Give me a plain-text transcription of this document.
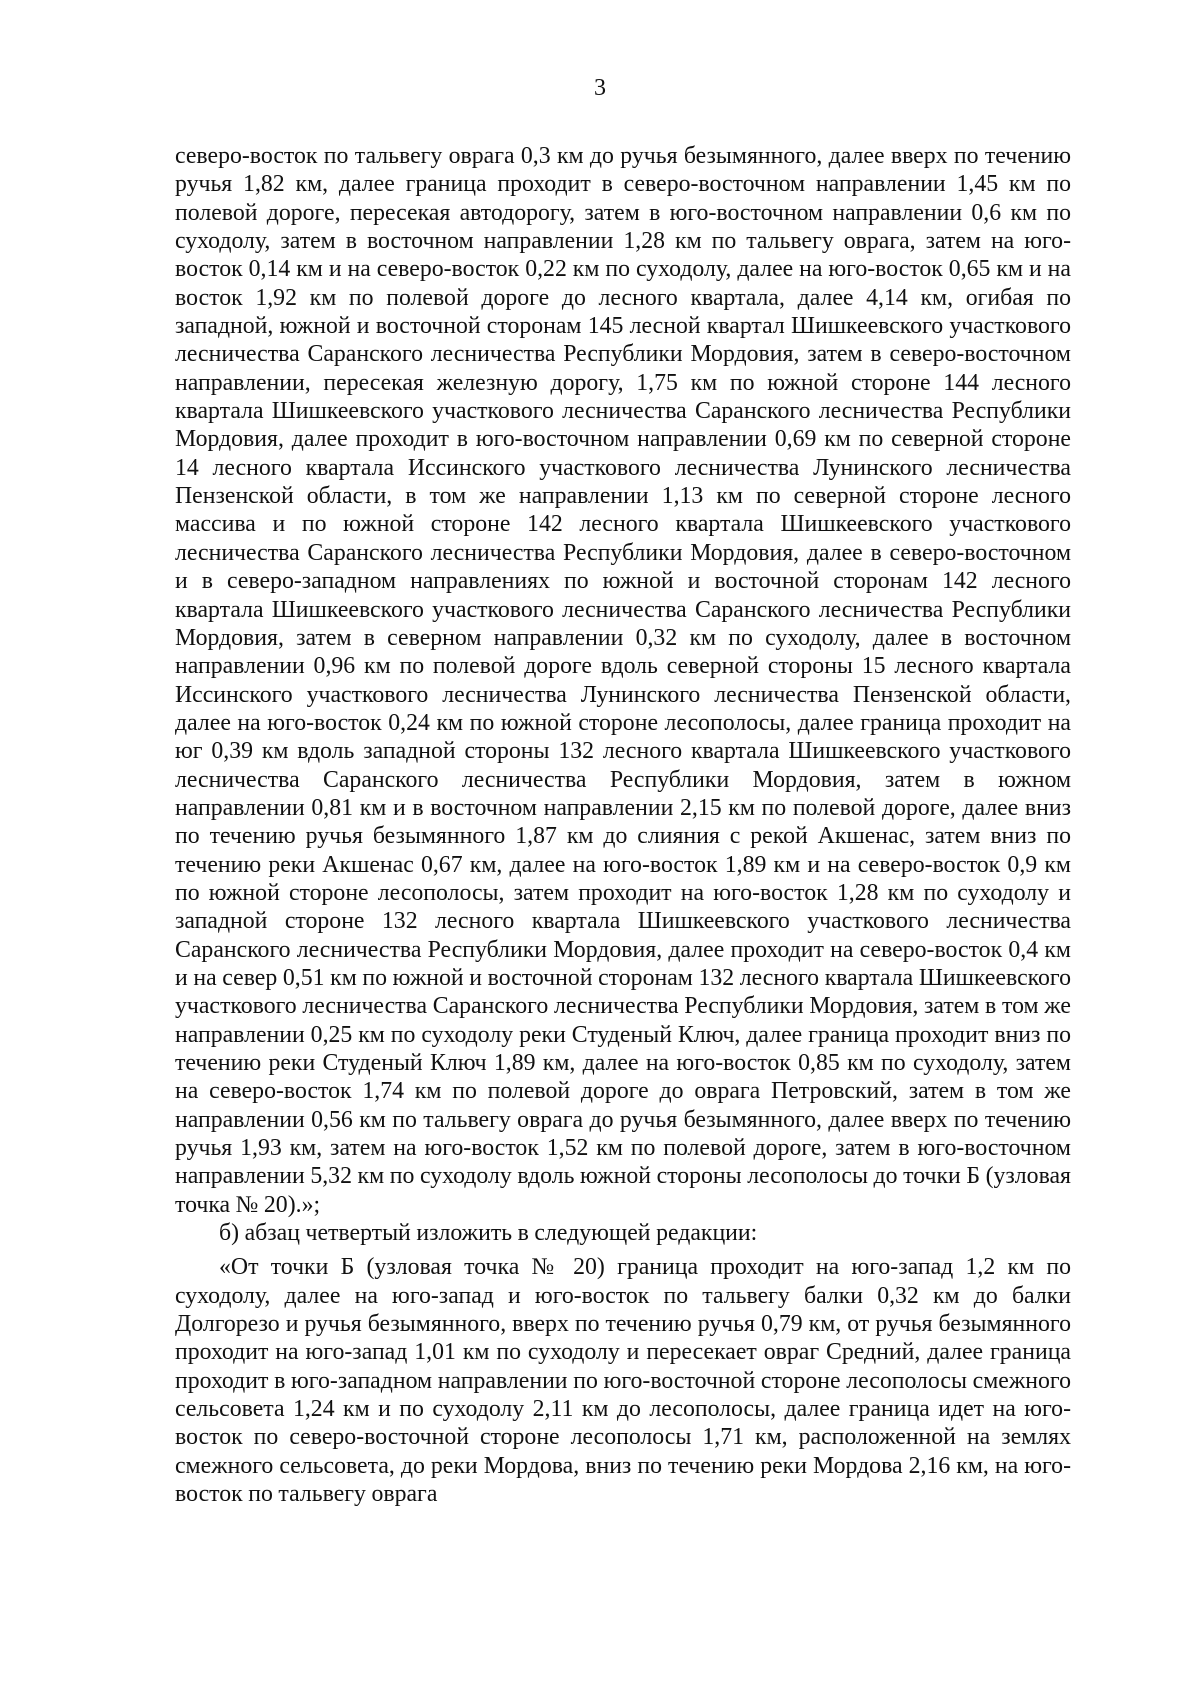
3

северо-восток по тальвегу оврага 0,3 км до ручья безымянного, далее вверх по течению ручья 1,82 км, далее граница проходит в северо-восточном направлении 1,45 км по полевой дороге, пересекая автодорогу, затем в юго-восточном направлении 0,6 км по суходолу, затем в восточном направлении 1,28 км по тальвегу оврага, затем на юго-восток 0,14 км и на северо-восток 0,22 км по суходолу, далее на юго-восток 0,65 км и на восток 1,92 км по полевой дороге до лесного квартала, далее 4,14 км, огибая по западной, южной и восточной сторонам 145 лесной квартал Шишкеевского участкового лесничества Саранского лесничества Республики Мордовия, затем в северо-восточном направлении, пересекая железную дорогу, 1,75 км по южной стороне 144 лесного квартала Шишкеевского участкового лесничества Саранского лесничества Республики Мордовия, далее проходит в юго-восточном направлении 0,69 км по северной стороне 14 лесного квартала Иссинского участкового лесничества Лунинского лесничества Пензенской области, в том же направлении 1,13 км по северной стороне лесного массива и по южной стороне 142 лесного квартала Шишкеевского участкового лесничества Саранского лесничества Республики Мордовия, далее в северо-восточном и в северо-западном направлениях по южной и восточной сторонам 142 лесного квартала Шишкеевского участкового лесничества Саранского лесничества Республики Мордовия, затем в северном направлении 0,32 км по суходолу, далее в восточном направлении 0,96 км по полевой дороге вдоль северной стороны 15 лесного квартала Иссинского участкового лесничества Лунинского лесничества Пензенской области, далее на юго-восток 0,24 км по южной стороне лесополосы, далее граница проходит на юг 0,39 км вдоль западной стороны 132 лесного квартала Шишкеевского участкового лесничества Саранского лесничества Республики Мордовия, затем в южном направлении 0,81 км и в восточном направлении 2,15 км по полевой дороге, далее вниз по течению ручья безымянного 1,87 км до слияния с рекой Акшенас, затем вниз по течению реки Акшенас 0,67 км, далее на юго-восток 1,89 км и на северо-восток 0,9 км по южной стороне лесополосы, затем проходит на юго-восток 1,28 км по суходолу и западной стороне 132 лесного квартала Шишкеевского участкового лесничества Саранского лесничества Республики Мордовия, далее проходит на северо-восток 0,4 км и на север 0,51 км по южной и восточной сторонам 132 лесного квартала Шишкеевского участкового лесничества Саранского лесничества Республики Мордовия, затем в том же направлении 0,25 км по суходолу реки Студеный Ключ, далее граница проходит вниз по течению реки Студеный Ключ 1,89 км, далее на юго-восток 0,85 км по суходолу, затем на северо-восток 1,74 км по полевой дороге до оврага Петровский, затем в том же направлении 0,56 км по тальвегу оврага до ручья безымянного, далее вверх по течению ручья 1,93 км, затем на юго-восток 1,52 км по полевой дороге, затем в юго-восточном направлении 5,32 км по суходолу вдоль южной стороны лесополосы до точки Б (узловая точка № 20).»;

б) абзац четвертый изложить в следующей редакции:

«От точки Б (узловая точка № 20) граница проходит на юго-запад 1,2 км по суходолу, далее на юго-запад и юго-восток по тальвегу балки 0,32 км до балки Долгорезо и ручья безымянного, вверх по течению ручья 0,79 км, от ручья безымянного проходит на юго-запад 1,01 км по суходолу и пересекает овраг Средний, далее граница проходит в юго-западном направлении по юго-восточной стороне лесополосы смежного сельсовета 1,24 км и по суходолу 2,11 км до лесополосы, далее граница идет на юго-восток по северо-восточной стороне лесополосы 1,71 км, расположенной на землях смежного сельсовета, до реки Мордова, вниз по течению реки Мордова 2,16 км, на юго-восток по тальвегу оврага
